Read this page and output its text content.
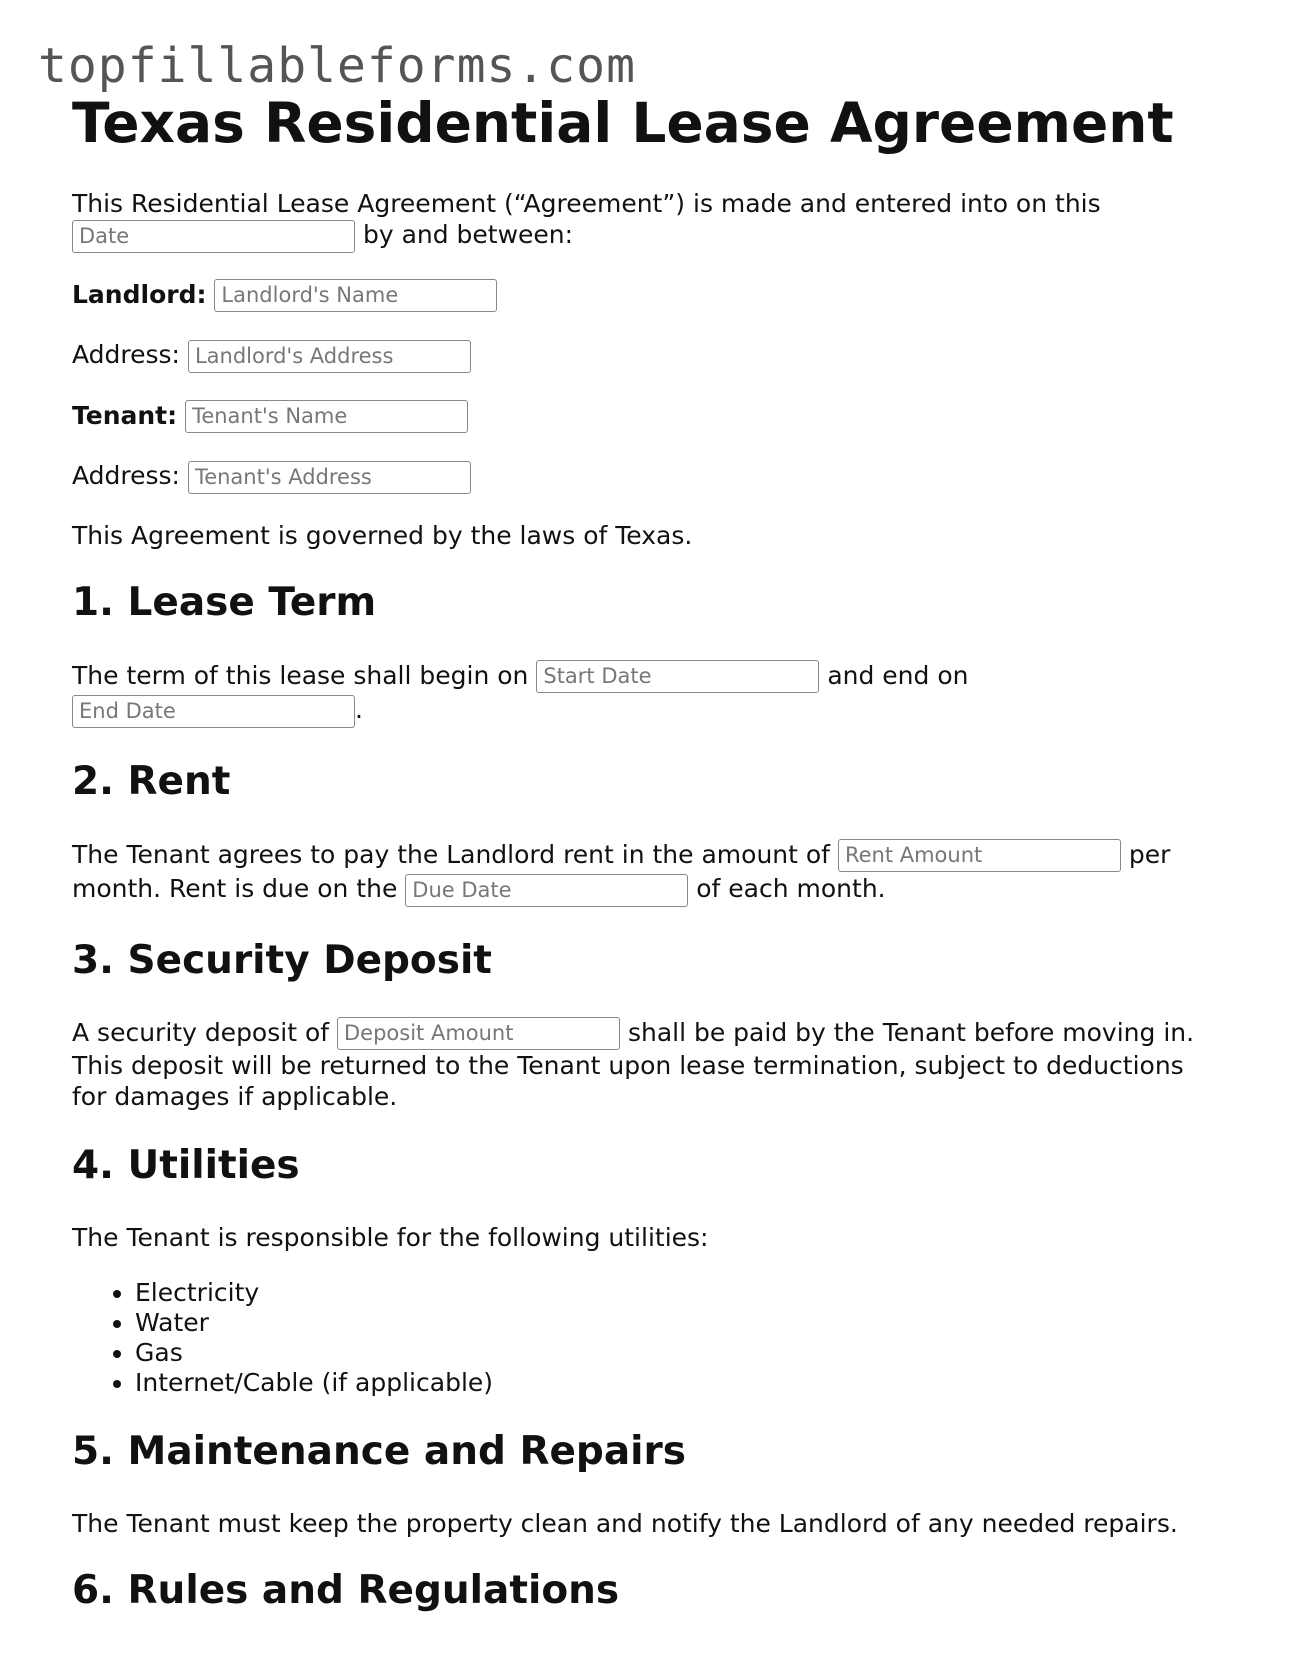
topfillableforms.com
Texas Residential Lease Agreement

This Residential Lease Agreement (“Agreement”) is made and entered into on this Date by and between:

Landlord: Landlord's Name
Address: Landlord's Address
Tenant: Tenant's Name
Address: Tenant's Address

This Agreement is governed by the laws of Texas.

1. Lease Term

The term of this lease shall begin on Start Date	and end on End Date.

2. Rent

The Tenant agrees to pay the Landlord rent in the amount of Rent Amount	per month. Rent is due on the Due Date	of each month.

3. Security Deposit

A security deposit of Deposit Amount	shall be paid by the Tenant before moving in. This deposit will be returned to the Tenant upon lease termination, subject to deductions for damages if applicable.

4. Utilities

The Tenant is responsible for the following utilities:

• Electricity
• Water
• Gas
• Internet/Cable (if applicable)
5. Maintenance and Repairs

The Tenant must keep the property clean and notify the Landlord of any needed repairs.

6. Rules and Regulations
